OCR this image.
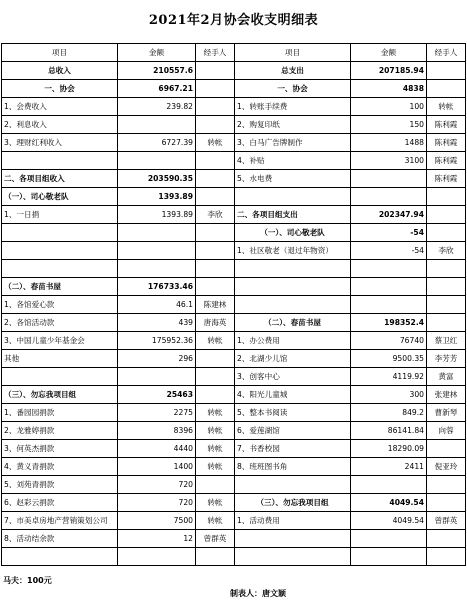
2021年2月协会收支明细表
项目	金额	经手人	项目	金额	经手人
总收入	210557.6		总支出	207185.94	
一、协会	6967.21		一、协会	4838	
1、会费收入	239.82		1、转账手续费	100	转帐
2、利息收入			2、购复印纸	150	陈利霞
3、理财红利收入	6727.39	转帐	3、白马广告牌制作	1488	陈利霞
			4、补贴	3100	陈利霞
二、各项目组收入	203590.35		5、水电费		陈利霞
（一）、司心敬老队	1393.89				
1、一日捐	1393.89	李欣	二、各项目组支出	202347.94	
			（一）、司心敬老队	-54	
			1、社区敬老（退过年物资）	-54	李欣

（二）、春苗书屋	176733.46				
1、各馆爱心款	46.1	陈建林			
2、各馆活动款	439	唐海英	（二）、春苗书屋	198352.4	
3、中国儿童少年基金会	175952.36	转帐	1、办公费用	76740	蔡卫红
其他	296		2、北湖少儿馆	9500.35	李芳芳
			3、创客中心	4119.92	黄富
（三）、勿忘我项目组	25463		4、阳光儿童城	300	张建林
1、番园园捐款	2275	转帐	5、整本书阅读	849.2	曹新琴
2、龙雅婷捐款	8396	转帐	6、爱莲湖馆	86141.84	向蓉
3、何英杰捐款	4440	转帐	7、书香校园	18290.09	
4、黄义青捐款	1400	转帐	8、班班图书角	2411	倪亚玲
5、刘苑青捐款	720				
6、赵彩云捐款	720	转帐	（三）、勿忘我项目组	4049.54	
7、市美卓房地产营销策划公司	7500	转帐	1、活动费用	4049.54	曾群英
8、活动结余款	12	曾群英			

马夫：100元
制表人：唐文颖
